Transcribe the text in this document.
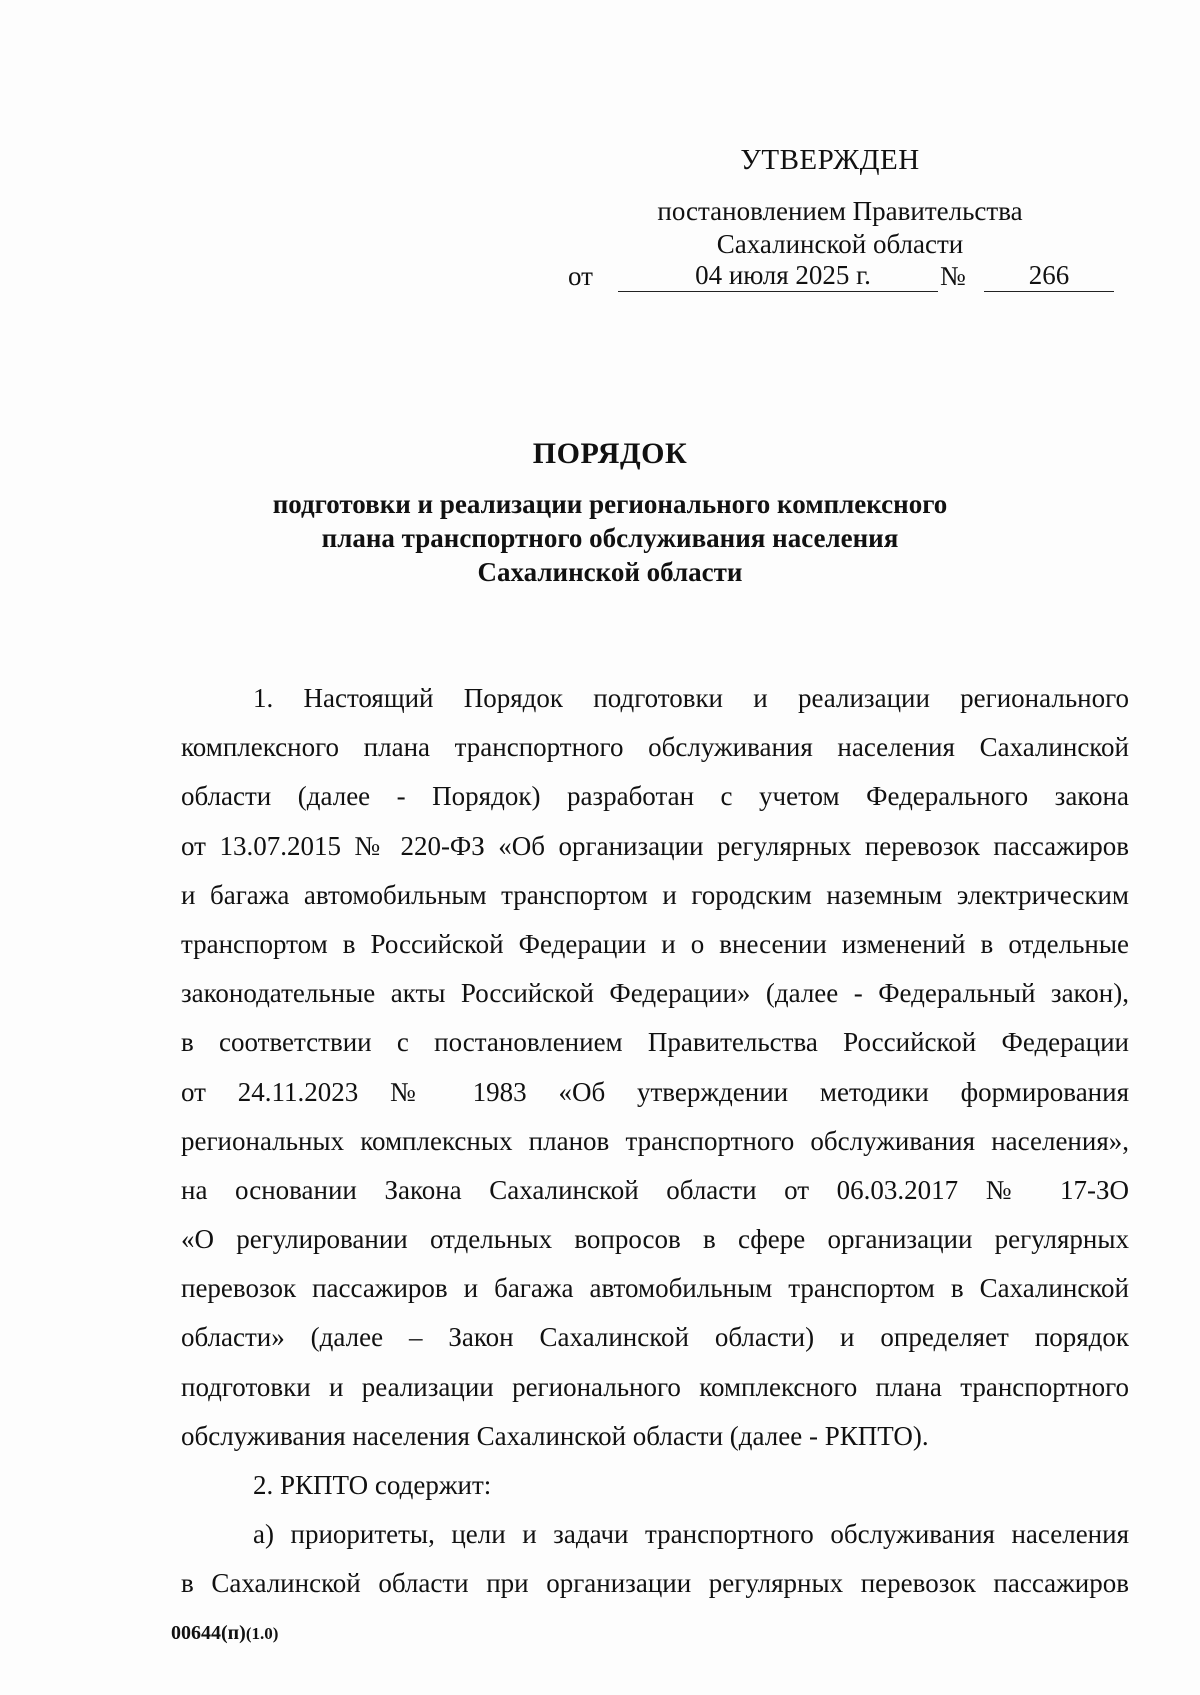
УТВЕРЖДЕН
постановлением Правительства
Сахалинской области
от	04 июля 2025 г.	№	266
ПОРЯДОК
подготовки и реализации регионального комплексного
плана транспортного обслуживания населения
Сахалинской области
1. Настоящий Порядок подготовки и реализации регионального
комплексного плана транспортного обслуживания населения Сахалинской
области (далее - Порядок) разработан с учетом Федерального закона
от 13.07.2015 № 220-ФЗ «Об организации регулярных перевозок пассажиров
и багажа автомобильным транспортом и городским наземным электрическим
транспортом в Российской Федерации и о внесении изменений в отдельные
законодательные акты Российской Федерации» (далее - Федеральный закон),
в соответствии с постановлением Правительства Российской Федерации
от 24.11.2023 № 1983 «Об утверждении методики формирования
региональных комплексных планов транспортного обслуживания населения»,
на основании Закона Сахалинской области от 06.03.2017 № 17-ЗО
«О регулировании отдельных вопросов в сфере организации регулярных
перевозок пассажиров и багажа автомобильным транспортом в Сахалинской
области» (далее – Закон Сахалинской области) и определяет порядок
подготовки и реализации регионального комплексного плана транспортного
обслуживания населения Сахалинской области (далее - РКПТО).
2. РКПТО содержит:
а) приоритеты, цели и задачи транспортного обслуживания населения
в Сахалинской области при организации регулярных перевозок пассажиров
00644(п)(1.0)
